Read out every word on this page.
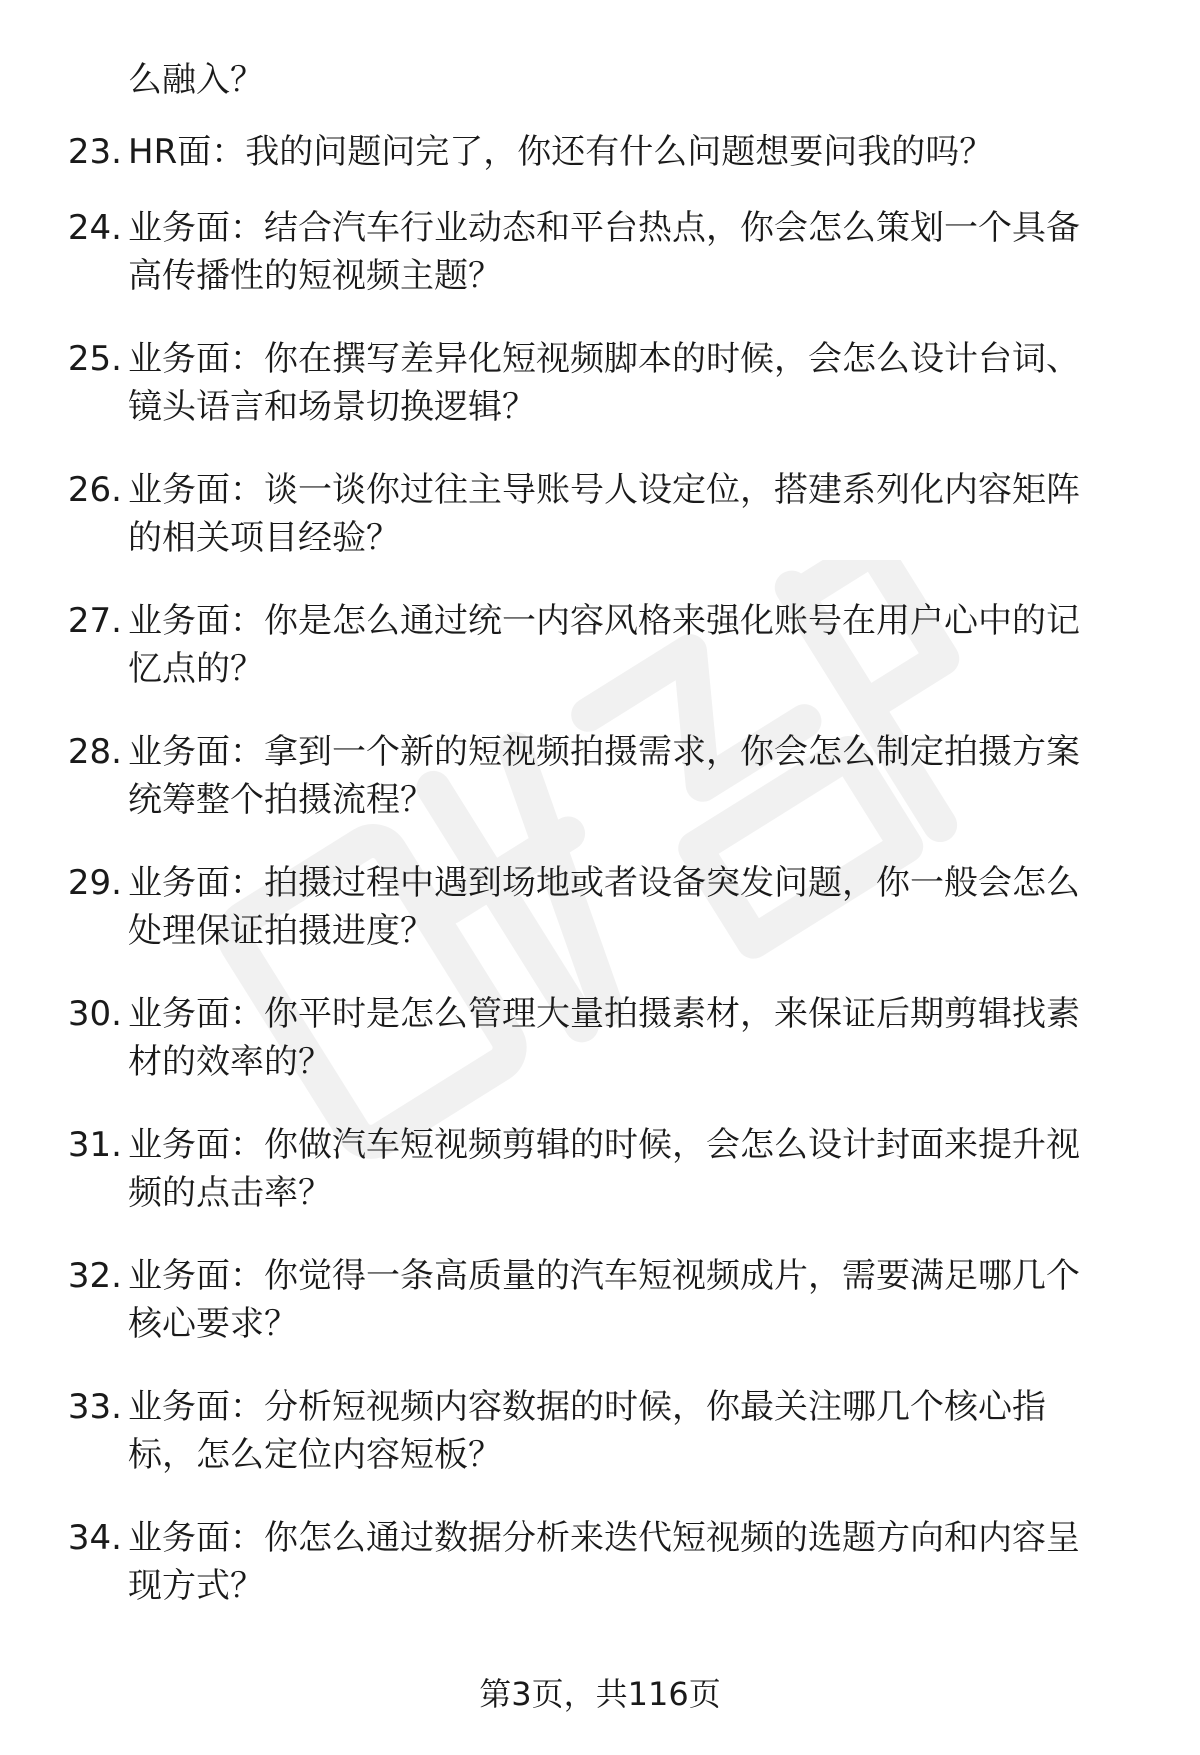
么融入？
23. HR面：我的问题问完了，你还有什么问题想要问我的吗？
24. 业务面：结合汽车行业动态和平台热点，你会怎么策划一个具备
高传播性的短视频主题？
25. 业务面：你在撰写差异化短视频脚本的时候，会怎么设计台词、
镜头语言和场景切换逻辑？
26. 业务面：谈一谈你过往主导账号人设定位，搭建系列化内容矩阵
的相关项目经验？
27. 业务面：你是怎么通过统一内容风格来强化账号在用户心中的记
忆点的？
28. 业务面：拿到一个新的短视频拍摄需求，你会怎么制定拍摄方案
统筹整个拍摄流程？
29. 业务面：拍摄过程中遇到场地或者设备突发问题，你一般会怎么
处理保证拍摄进度？
30. 业务面：你平时是怎么管理大量拍摄素材，来保证后期剪辑找素
材的效率的？
31. 业务面：你做汽车短视频剪辑的时候，会怎么设计封面来提升视
频的点击率？
32. 业务面：你觉得一条高质量的汽车短视频成片，需要满足哪几个
核心要求？
33. 业务面：分析短视频内容数据的时候，你最关注哪几个核心指
标，怎么定位内容短板？
34. 业务面：你怎么通过数据分析来迭代短视频的选题方向和内容呈
现方式？
第3页，共116页
